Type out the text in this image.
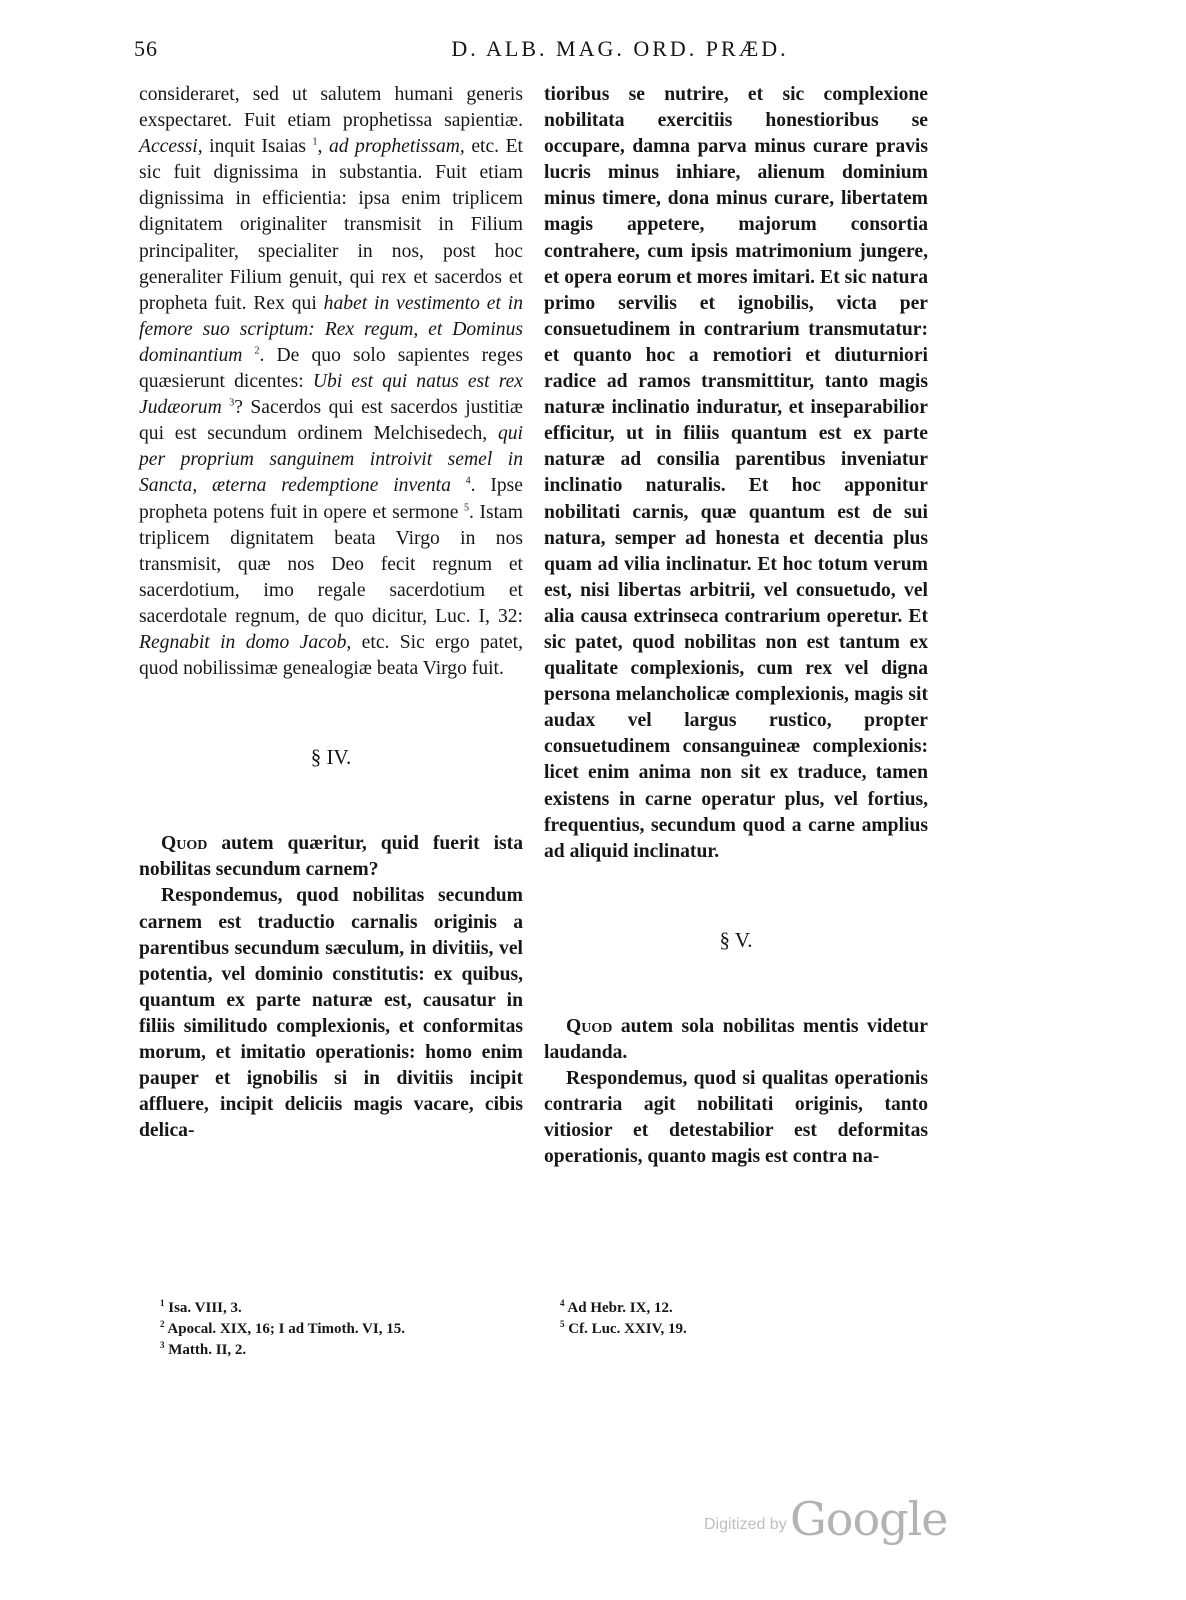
56	D. ALB. MAG. ORD. PRÆD.

consideraret, sed ut salutem humani generis exspectaret. Fuit etiam prophetissa sapientiæ. Accessi, inquit Isaias $^1$, ad prophetissam, etc. Et sic fuit dignissima in substantia. Fuit etiam dignissima in efficientia: ipsa enim triplicem dignitatem originaliter transmisit in Filium principaliter, specialiter in nos, post hoc generaliter Filium genuit, qui rex et sacerdos et propheta fuit. Rex qui habet in vestimento et in femore suo scriptum: Rex regum, et Dominus dominantium $^2$. De quo solo sapientes reges quæsierunt dicentes: Ubi est qui natus est rex Judæorum $^3$? Sacerdos qui est sacerdos justitiæ qui est secundum ordinem Melchisedech, qui per proprium sanguinem introivit semel in Sancta, æterna redemptione inventa $^4$. Ipse propheta potens fuit in opere et sermone $^5$. Istam triplicem dignitatem beata Virgo in nos transmisit, quæ nos Deo fecit regnum et sacerdotium, imo regale sacerdotium et sacerdotale regnum, de quo dicitur, Luc. I, 32: Regnabit in domo Jacob, etc. Sic ergo patet, quod nobilissimæ genealogiæ beata Virgo fuit.

§ IV.

Quod autem quæritur, quid fuerit ista nobilitas secundum carnem?

Respondemus, quod nobilitas secundum carnem est traductio carnalis originis a parentibus secundum sæculum, in divitiis, vel potentia, vel dominio constitutis: ex quibus, quantum ex parte naturæ est, causatur in filiis similitudo complexionis, et conformitas morum, et imitatio operationis: homo enim pauper et ignobilis si in divitiis incipit affluere, incipit deliciis magis vacare, cibis delica-

tioribus se nutrire, et sic complexione nobilitata exercitiis honestioribus se occupare, damna parva minus curare pravis lucris minus inhiare, alienum dominium minus timere, dona minus curare, libertatem magis appetere, majorum consortia contrahere, cum ipsis matrimonium jungere, et opera eorum et mores imitari. Et sic natura primo servilis et ignobilis, victa per consuetudinem in contrarium transmutatur: et quanto hoc a remotiori et diuturniori radice ad ramos transmittitur, tanto magis naturæ inclinatio induratur, et inseparabilior efficitur, ut in filiis quantum est ex parte naturæ ad consilia parentibus inveniatur inclinatio naturalis. Et hoc apponitur nobilitati carnis, quæ quantum est de sui natura, semper ad honesta et decentia plus quam ad vilia inclinatur. Et hoc totum verum est, nisi libertas arbitrii, vel consuetudo, vel alia causa extrinseca contrarium operetur. Et sic patet, quod nobilitas non est tantum ex qualitate complexionis, cum rex vel digna persona melancholicæ complexionis, magis sit audax vel largus rustico, propter consuetudinem consanguineæ complexionis: licet enim anima non sit ex traduce, tamen existens in carne operatur plus, vel fortius, frequentius, secundum quod a carne amplius ad aliquid inclinatur.

§ V.

Quod autem sola nobilitas mentis videtur laudanda.

Respondemus, quod si qualitas operationis contraria agit nobilitati originis, tanto vitiosior et detestabilior est deformitas operationis, quanto magis est contra na-

$^1$ Isa. VIII, 3.
$^2$ Apocal. XIX, 16; I ad Timoth. VI, 15.
$^3$ Matth. II, 2.
$^4$ Ad Hebr. IX, 12.
$^5$ Cf. Luc. XXIV, 19.
Digitized by Google
